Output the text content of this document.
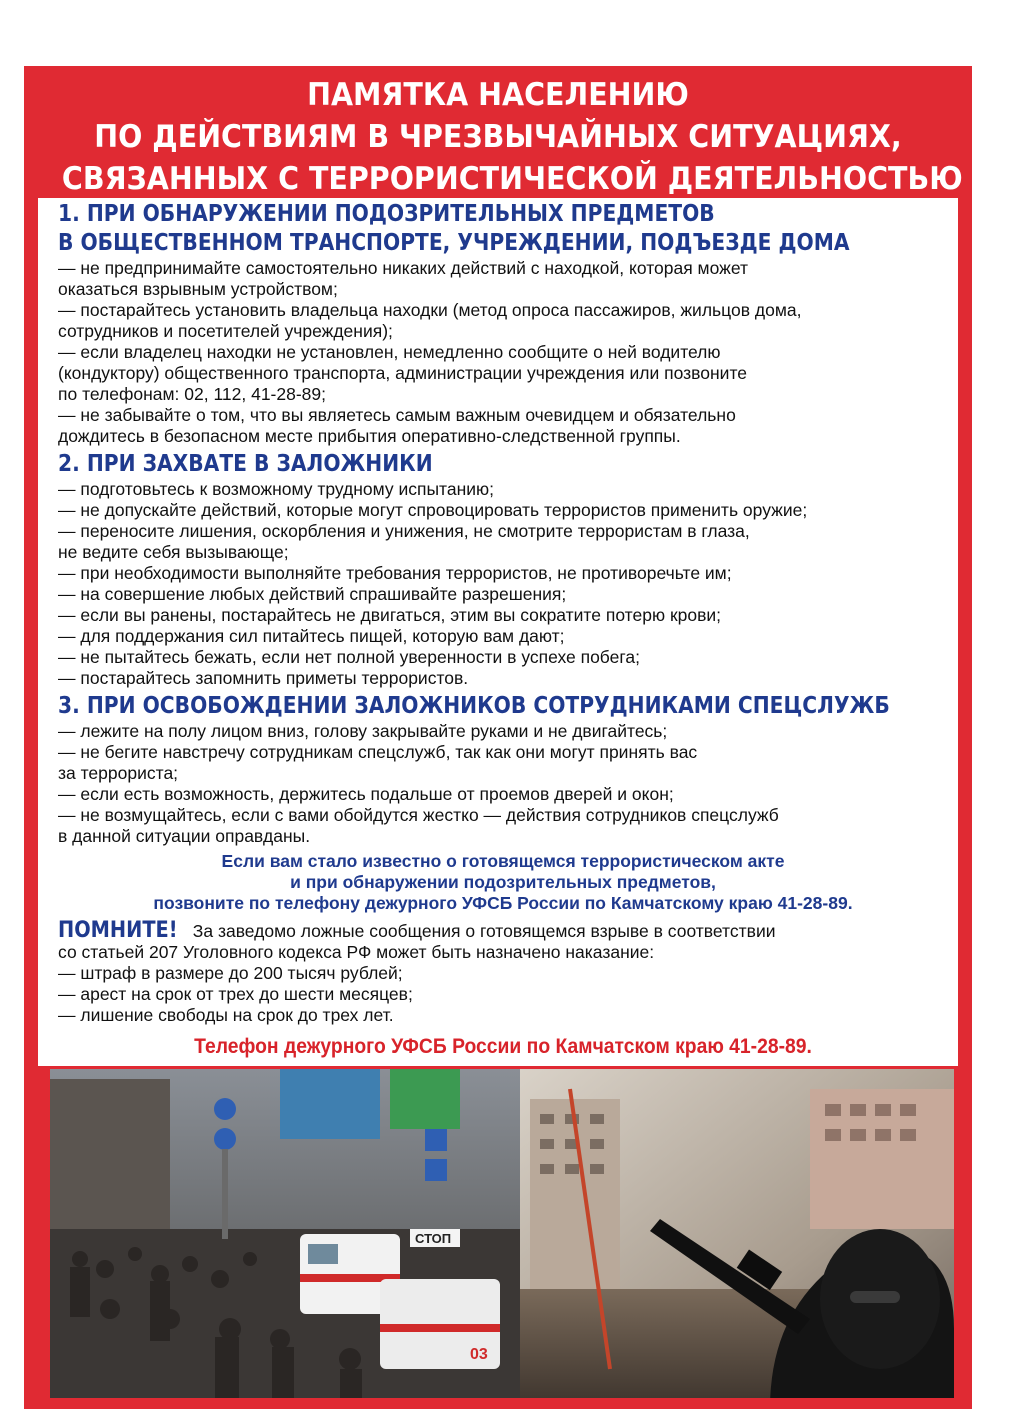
ПАМЯТКА НАСЕЛЕНИЮ
ПО ДЕЙСТВИЯМ В ЧРЕЗВЫЧАЙНЫХ СИТУАЦИЯХ,
СВЯЗАННЫХ С ТЕРРОРИСТИЧЕСКОЙ ДЕЯТЕЛЬНОСТЬЮ
1. ПРИ ОБНАРУЖЕНИИ ПОДОЗРИТЕЛЬНЫХ ПРЕДМЕТОВ
В ОБЩЕСТВЕННОМ ТРАНСПОРТЕ, УЧРЕЖДЕНИИ, ПОДЪЕЗДЕ ДОМА
— не предпринимайте самостоятельно никаких действий с находкой, которая может
оказаться взрывным устройством;
— постарайтесь установить владельца находки (метод опроса пассажиров, жильцов дома,
сотрудников и посетителей учреждения);
— если владелец находки не установлен, немедленно сообщите о ней водителю
(кондуктору) общественного транспорта, администрации учреждения или позвоните
по телефонам: 02, 112, 41-28-89;
— не забывайте о том, что вы являетесь самым важным очевидцем и обязательно
дождитесь в безопасном месте прибытия оперативно-следственной группы.
2. ПРИ ЗАХВАТЕ В ЗАЛОЖНИКИ
— подготовьтесь к возможному трудному испытанию;
— не допускайте действий, которые могут спровоцировать террористов применить оружие;
— переносите лишения, оскорбления и унижения, не смотрите террористам в глаза,
не ведите себя вызывающе;
— при необходимости выполняйте требования террористов, не противоречьте им;
— на совершение любых действий спрашивайте разрешения;
— если вы ранены, постарайтесь не двигаться, этим вы сократите потерю крови;
— для поддержания сил питайтесь пищей, которую вам дают;
— не пытайтесь бежать, если нет полной уверенности в успехе побега;
— постарайтесь запомнить приметы террористов.
3. ПРИ ОСВОБОЖДЕНИИ ЗАЛОЖНИКОВ СОТРУДНИКАМИ СПЕЦСЛУЖБ
— лежите на полу лицом вниз, голову закрывайте руками и не двигайтесь;
— не бегите навстречу сотрудникам спецслужб, так как они могут принять вас
за террориста;
— если есть возможность, держитесь подальше от проемов дверей и окон;
— не возмущайтесь, если с вами обойдутся жестко — действия сотрудников спецслужб
в данной ситуации оправданы.
Если вам стало известно о готовящемся террористическом акте
и при обнаружении подозрительных предметов,
позвоните по телефону дежурного УФСБ России по Камчатскому краю 41-28-89.
ПОМНИТЕ! За заведомо ложные сообщения о готовящемся взрыве в соответствии
со статьей 207 Уголовного кодекса РФ может быть назначено наказание:
— штраф в размере до 200 тысяч рублей;
— арест на срок от трех до шести месяцев;
— лишение свободы на срок до трех лет.
Телефон дежурного УФСБ России по Камчатском краю 41-28-89.
03
СТОП
